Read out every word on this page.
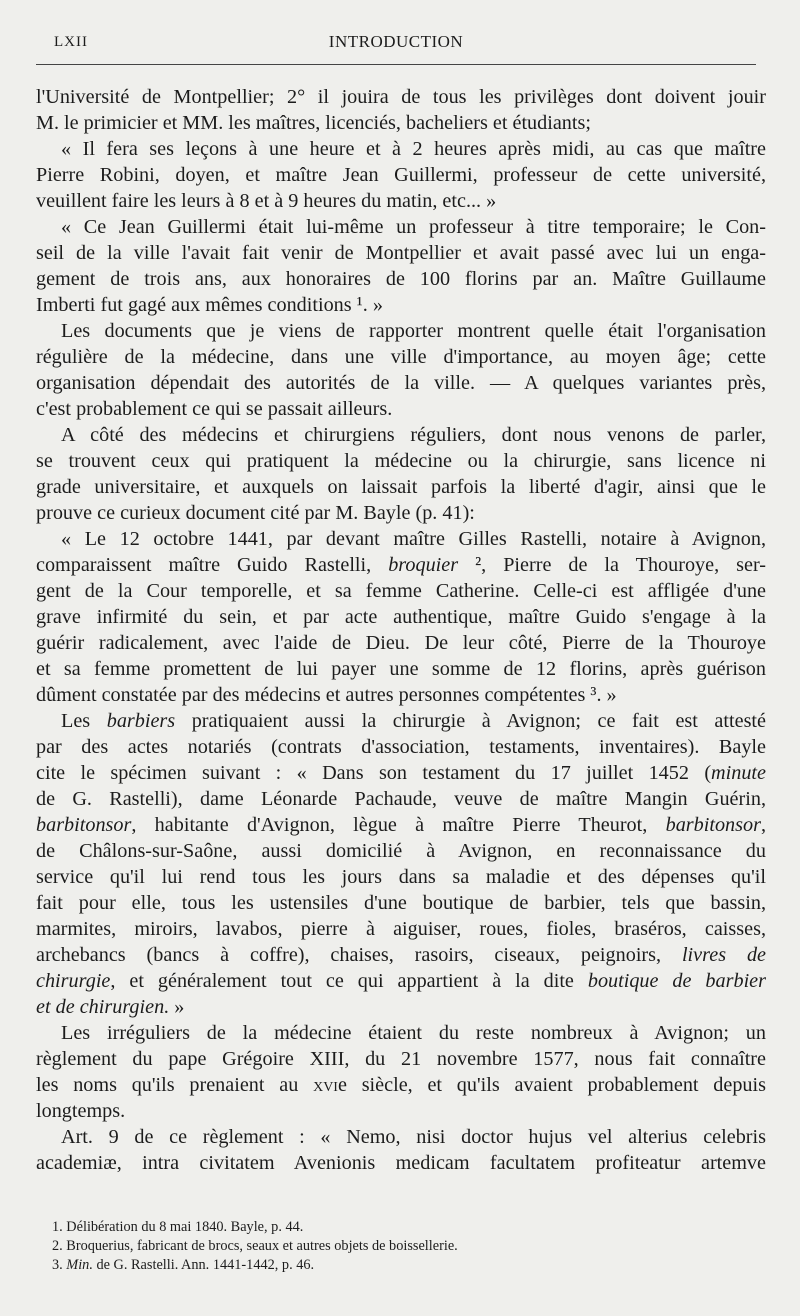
LXII	INTRODUCTION
l'Université de Montpellier; 2° il jouira de tous les privilèges dont doivent jouir
M. le primicier et MM. les maîtres, licenciés, bacheliers et étudiants;
« Il fera ses leçons à une heure et à 2 heures après midi, au cas que maître
Pierre Robini, doyen, et maître Jean Guillermi, professeur de cette université,
veuillent faire les leurs à 8 et à 9 heures du matin, etc... »
« Ce Jean Guillermi était lui-même un professeur à titre temporaire; le Con-
seil de la ville l'avait fait venir de Montpellier et avait passé avec lui un enga-
gement de trois ans, aux honoraires de 100 florins par an. Maître Guillaume
Imberti fut gagé aux mêmes conditions ¹. »
Les documents que je viens de rapporter montrent quelle était l'organisation
régulière de la médecine, dans une ville d'importance, au moyen âge; cette
organisation dépendait des autorités de la ville. — A quelques variantes près,
c'est probablement ce qui se passait ailleurs.
A côté des médecins et chirurgiens réguliers, dont nous venons de parler,
se trouvent ceux qui pratiquent la médecine ou la chirurgie, sans licence ni
grade universitaire, et auxquels on laissait parfois la liberté d'agir, ainsi que le
prouve ce curieux document cité par M. Bayle (p. 41):
« Le 12 octobre 1441, par devant maître Gilles Rastelli, notaire à Avignon,
comparaissent maître Guido Rastelli, broquier ², Pierre de la Thouroye, ser-
gent de la Cour temporelle, et sa femme Catherine. Celle-ci est affligée d'une
grave infirmité du sein, et par acte authentique, maître Guido s'engage à la
guérir radicalement, avec l'aide de Dieu. De leur côté, Pierre de la Thouroye
et sa femme promettent de lui payer une somme de 12 florins, après guérison
dûment constatée par des médecins et autres personnes compétentes ³. »
Les barbiers pratiquaient aussi la chirurgie à Avignon; ce fait est attesté
par des actes notariés (contrats d'association, testaments, inventaires). Bayle
cite le spécimen suivant : « Dans son testament du 17 juillet 1452 (minute
de G. Rastelli), dame Léonarde Pachaude, veuve de maître Mangin Guérin,
barbitonsor, habitante d'Avignon, lègue à maître Pierre Theurot, barbitonsor,
de Châlons-sur-Saône, aussi domicilié à Avignon, en reconnaissance du
service qu'il lui rend tous les jours dans sa maladie et des dépenses qu'il
fait pour elle, tous les ustensiles d'une boutique de barbier, tels que bassin,
marmites, miroirs, lavabos, pierre à aiguiser, roues, fioles, braséros, caisses,
archebancs (bancs à coffre), chaises, rasoirs, ciseaux, peignoirs, livres de
chirurgie, et généralement tout ce qui appartient à la dite boutique de barbier
et de chirurgien. »
Les irréguliers de la médecine étaient du reste nombreux à Avignon; un
règlement du pape Grégoire XIII, du 21 novembre 1577, nous fait connaître
les noms qu'ils prenaient au xvie siècle, et qu'ils avaient probablement depuis
longtemps.
Art. 9 de ce règlement : « Nemo, nisi doctor hujus vel alterius celebris
academiæ, intra civitatem Avenionis medicam facultatem profiteatur artemve
1. Délibération du 8 mai 1840. Bayle, p. 44.
2. Broquerius, fabricant de brocs, seaux et autres objets de boissellerie.
3. Min. de G. Rastelli. Ann. 1441-1442, p. 46.
